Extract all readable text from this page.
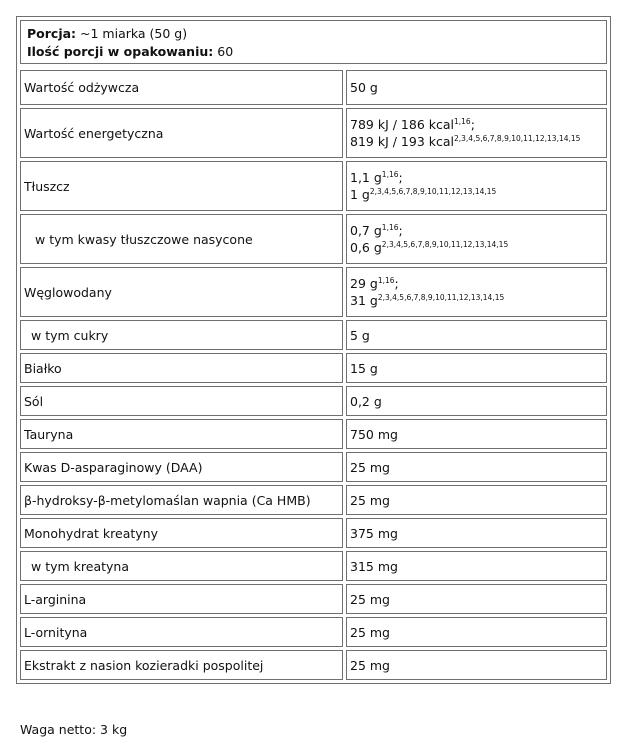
Porcja: ~1 miarka (50 g)
Ilość porcji w opakowaniu: 60
Wartość odżywcza	50 g
Wartość energetyczna	789 kJ / 186 kcal$^{1,16}$;
819 kJ / 193 kcal$^{2,3,4,5,6,7,8,9,10,11,12,13,14,15}$

Tłuszcz	1,1 $g^{1,16}$;
1 $g^{2,3,4,5,6,7,8,9,10,11,12,13,14,15}$

w tym kwasy tłuszczowe nasycone	0,7 $g^{1,16}$;
0,6 $g^{2,3,4,5,6,7,8,9,10,11,12,13,14,15}$

Węglowodany	29 $g^{1,16}$;
31 $g^{2,3,4,5,6,7,8,9,10,11,12,13,14,15}$

w tym cukry	5 g
Białko	15 g
Sól	0,2 g
Tauryna	750 mg
Kwas D-asparaginowy (DAA)	25 mg
β-hydroksy-β-metylomaślan wapnia (Ca HMB)	25 mg
Monohydrat kreatyny	375 mg
w tym kreatyna	315 mg
L-arginina	25 mg
L-ornityna	25 mg
Ekstrakt z nasion kozieradki pospolitej	25 mg
Waga netto: 3 kg
